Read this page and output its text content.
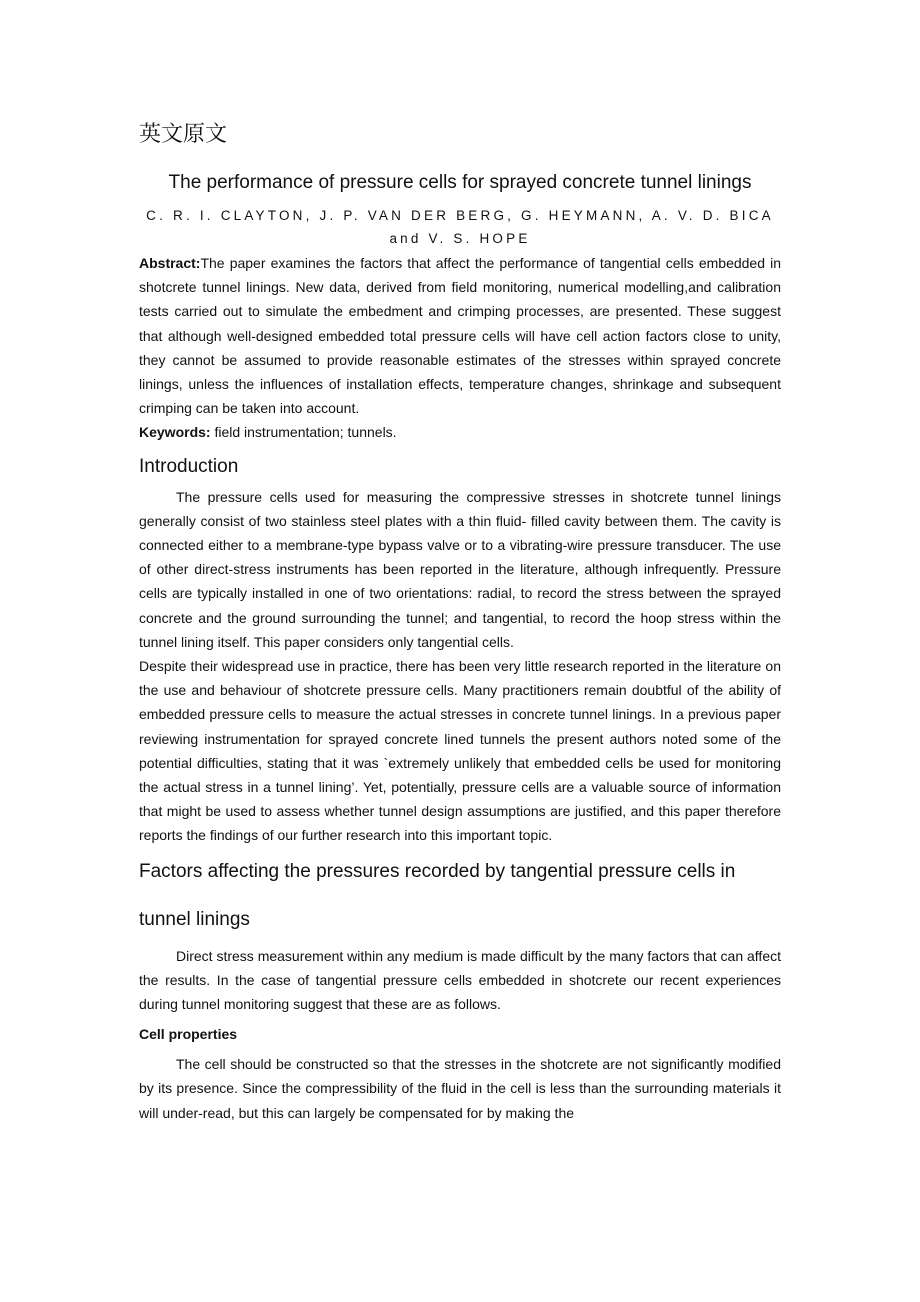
英文原文
The performance of pressure cells for sprayed concrete tunnel linings
C. R. I. CLAYTON, J. P. VAN DER BERG, G. HEYMANN, A. V. D. BICA and V. S. HOPE

Abstract:The paper examines the factors that affect the performance of tangential cells embedded in shotcrete tunnel linings. New data, derived from field monitoring, numerical modelling,and calibration tests carried out to simulate the embedment and crimping processes, are presented. These suggest that although well-designed embedded total pressure cells will have cell action factors close to unity, they cannot be assumed to provide reasonable estimates of the stresses within sprayed concrete linings, unless the influences of installation effects, temperature changes, shrinkage and subsequent crimping can be taken into account.

Keywords: field instrumentation; tunnels.

Introduction

The pressure cells used for measuring the compressive stresses in shotcrete tunnel linings generally consist of two stainless steel plates with a thin fluid- filled cavity between them. The cavity is connected either to a membrane-type bypass valve or to a vibrating-wire pressure transducer. The use of other direct-stress instruments has been reported in the literature, although infrequently. Pressure cells are typically installed in one of two orientations: radial, to record the stress between the sprayed concrete and the ground surrounding the tunnel; and tangential, to record the hoop stress within the tunnel lining itself. This paper considers only tangential cells.

Despite their widespread use in practice, there has been very little research reported in the literature on the use and behaviour of shotcrete pressure cells. Many practitioners remain doubtful of the ability of embedded pressure cells to measure the actual stresses in concrete tunnel linings. In a previous paper reviewing instrumentation for sprayed concrete lined tunnels the present authors noted some of the potential difficulties, stating that it was `extremely unlikely that embedded cells be used for monitoring the actual stress in a tunnel lining’. Yet, potentially, pressure cells are a valuable source of information that might be used to assess whether tunnel design assumptions are justified, and this paper therefore reports the findings of our further research into this important topic.

Factors affecting the pressures recorded by tangential pressure cells in tunnel linings

Direct stress measurement within any medium is made difficult by the many factors that can affect the results. In the case of tangential pressure cells embedded in shotcrete our recent experiences during tunnel monitoring suggest that these are as follows.

Cell properties

The cell should be constructed so that the stresses in the shotcrete are not significantly modified by its presence. Since the compressibility of the fluid in the cell is less than the surrounding materials it will under-read, but this can largely be compensated for by making the
